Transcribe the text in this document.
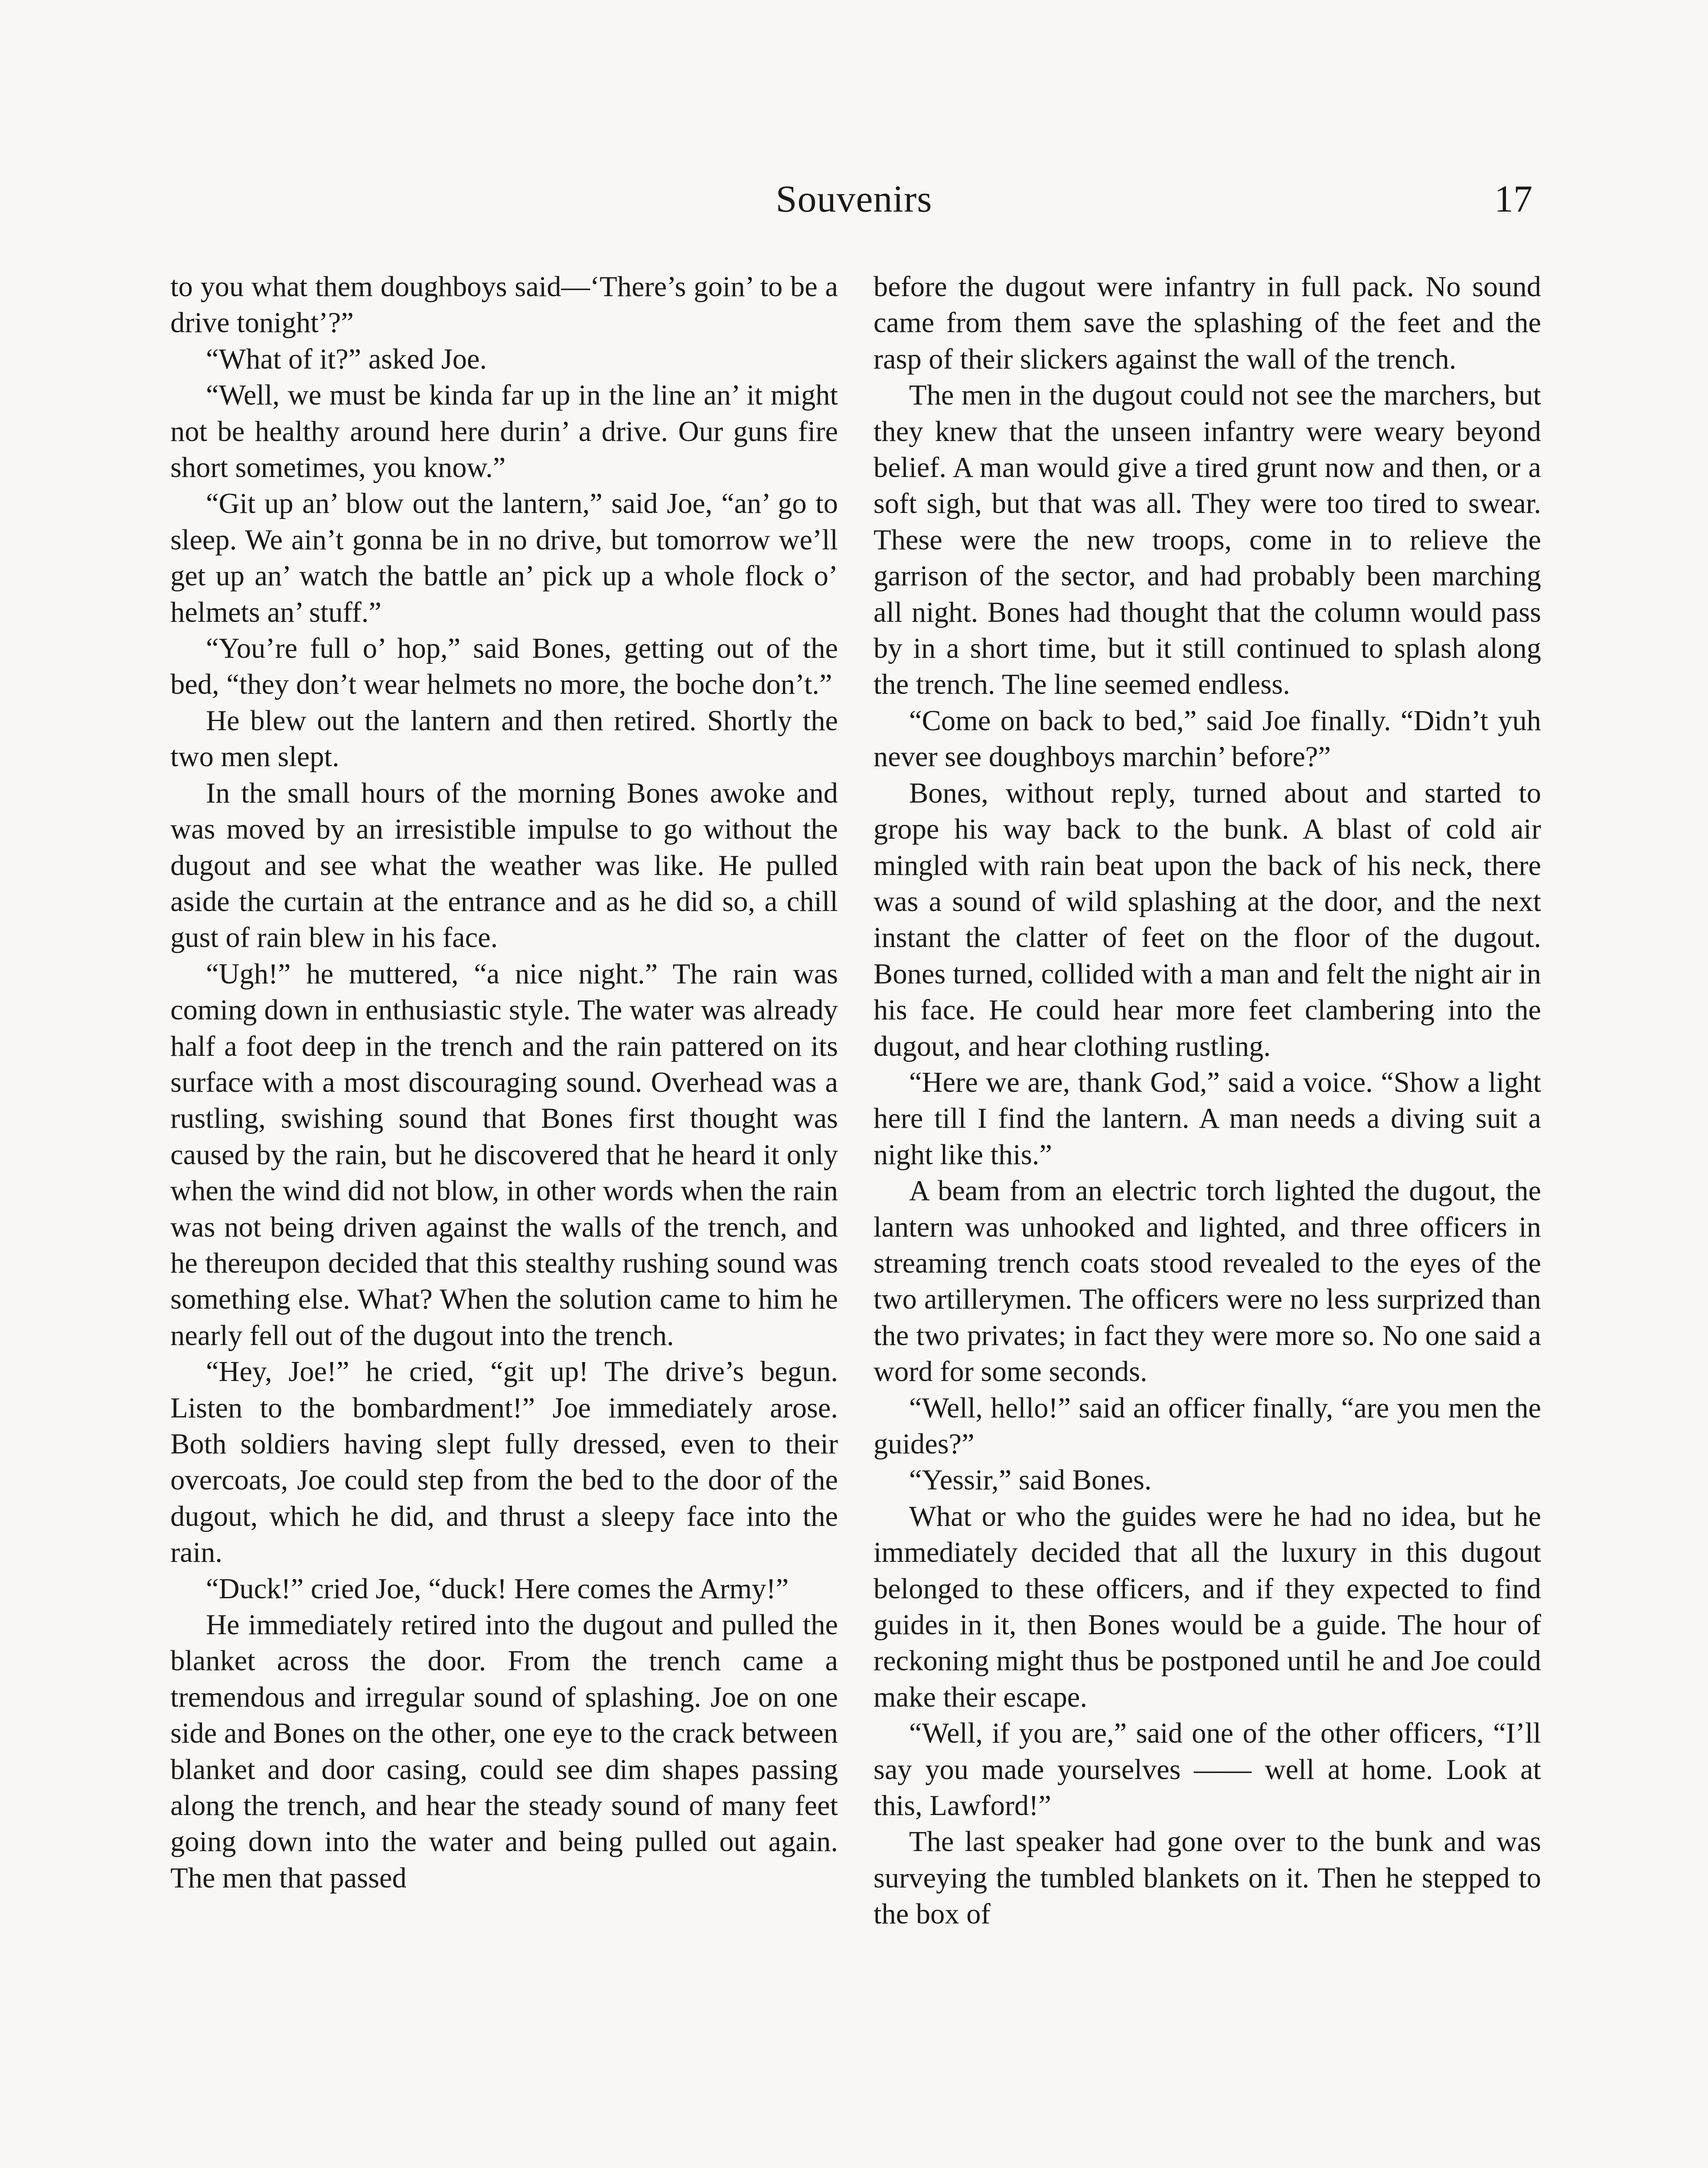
Souvenirs	17

to you what them doughboys said—‘There’s goin’ to be a drive tonight’?”

“What of it?” asked Joe.

“Well, we must be kinda far up in the line an’ it might not be healthy around here durin’ a drive. Our guns fire short sometimes, you know.”

“Git up an’ blow out the lantern,” said Joe, “an’ go to sleep. We ain’t gonna be in no drive, but tomorrow we’ll get up an’ watch the battle an’ pick up a whole flock o’ helmets an’ stuff.”

“You’re full o’ hop,” said Bones, getting out of the bed, “they don’t wear helmets no more, the boche don’t.”

He blew out the lantern and then retired. Shortly the two men slept.

In the small hours of the morning Bones awoke and was moved by an irresistible impulse to go without the dugout and see what the weather was like. He pulled aside the curtain at the entrance and as he did so, a chill gust of rain blew in his face.

“Ugh!” he muttered, “a nice night.” The rain was coming down in enthusiastic style. The water was already half a foot deep in the trench and the rain pattered on its surface with a most discouraging sound. Overhead was a rustling, swishing sound that Bones first thought was caused by the rain, but he discovered that he heard it only when the wind did not blow, in other words when the rain was not being driven against the walls of the trench, and he thereupon decided that this stealthy rushing sound was something else. What? When the solution came to him he nearly fell out of the dugout into the trench.

“Hey, Joe!” he cried, “git up! The drive’s begun. Listen to the bombardment!” Joe immediately arose. Both soldiers having slept fully dressed, even to their overcoats, Joe could step from the bed to the door of the dugout, which he did, and thrust a sleepy face into the rain.

“Duck!” cried Joe, “duck! Here comes the Army!”

He immediately retired into the dugout and pulled the blanket across the door. From the trench came a tremendous and irregular sound of splashing. Joe on one side and Bones on the other, one eye to the crack between blanket and door casing, could see dim shapes passing along the trench, and hear the steady sound of many feet going down into the water and being pulled out again. The men that passed

before the dugout were infantry in full pack. No sound came from them save the splashing of the feet and the rasp of their slickers against the wall of the trench.

The men in the dugout could not see the marchers, but they knew that the unseen infantry were weary beyond belief. A man would give a tired grunt now and then, or a soft sigh, but that was all. They were too tired to swear. These were the new troops, come in to relieve the garrison of the sector, and had probably been marching all night. Bones had thought that the column would pass by in a short time, but it still continued to splash along the trench. The line seemed endless.

“Come on back to bed,” said Joe finally. “Didn’t yuh never see doughboys marchin’ before?”

Bones, without reply, turned about and started to grope his way back to the bunk. A blast of cold air mingled with rain beat upon the back of his neck, there was a sound of wild splashing at the door, and the next instant the clatter of feet on the floor of the dugout. Bones turned, collided with a man and felt the night air in his face. He could hear more feet clambering into the dugout, and hear clothing rustling.

“Here we are, thank God,” said a voice. “Show a light here till I find the lantern. A man needs a diving suit a night like this.”

A beam from an electric torch lighted the dugout, the lantern was unhooked and lighted, and three officers in streaming trench coats stood revealed to the eyes of the two artillerymen. The officers were no less surprized than the two privates; in fact they were more so. No one said a word for some seconds.

“Well, hello!” said an officer finally, “are you men the guides?”

“Yessir,” said Bones.

What or who the guides were he had no idea, but he immediately decided that all the luxury in this dugout belonged to these officers, and if they expected to find guides in it, then Bones would be a guide. The hour of reckoning might thus be postponed until he and Joe could make their escape.

“Well, if you are,” said one of the other officers, “I’ll say you made yourselves —— well at home. Look at this, Lawford!”

The last speaker had gone over to the bunk and was surveying the tumbled blankets on it. Then he stepped to the box of
